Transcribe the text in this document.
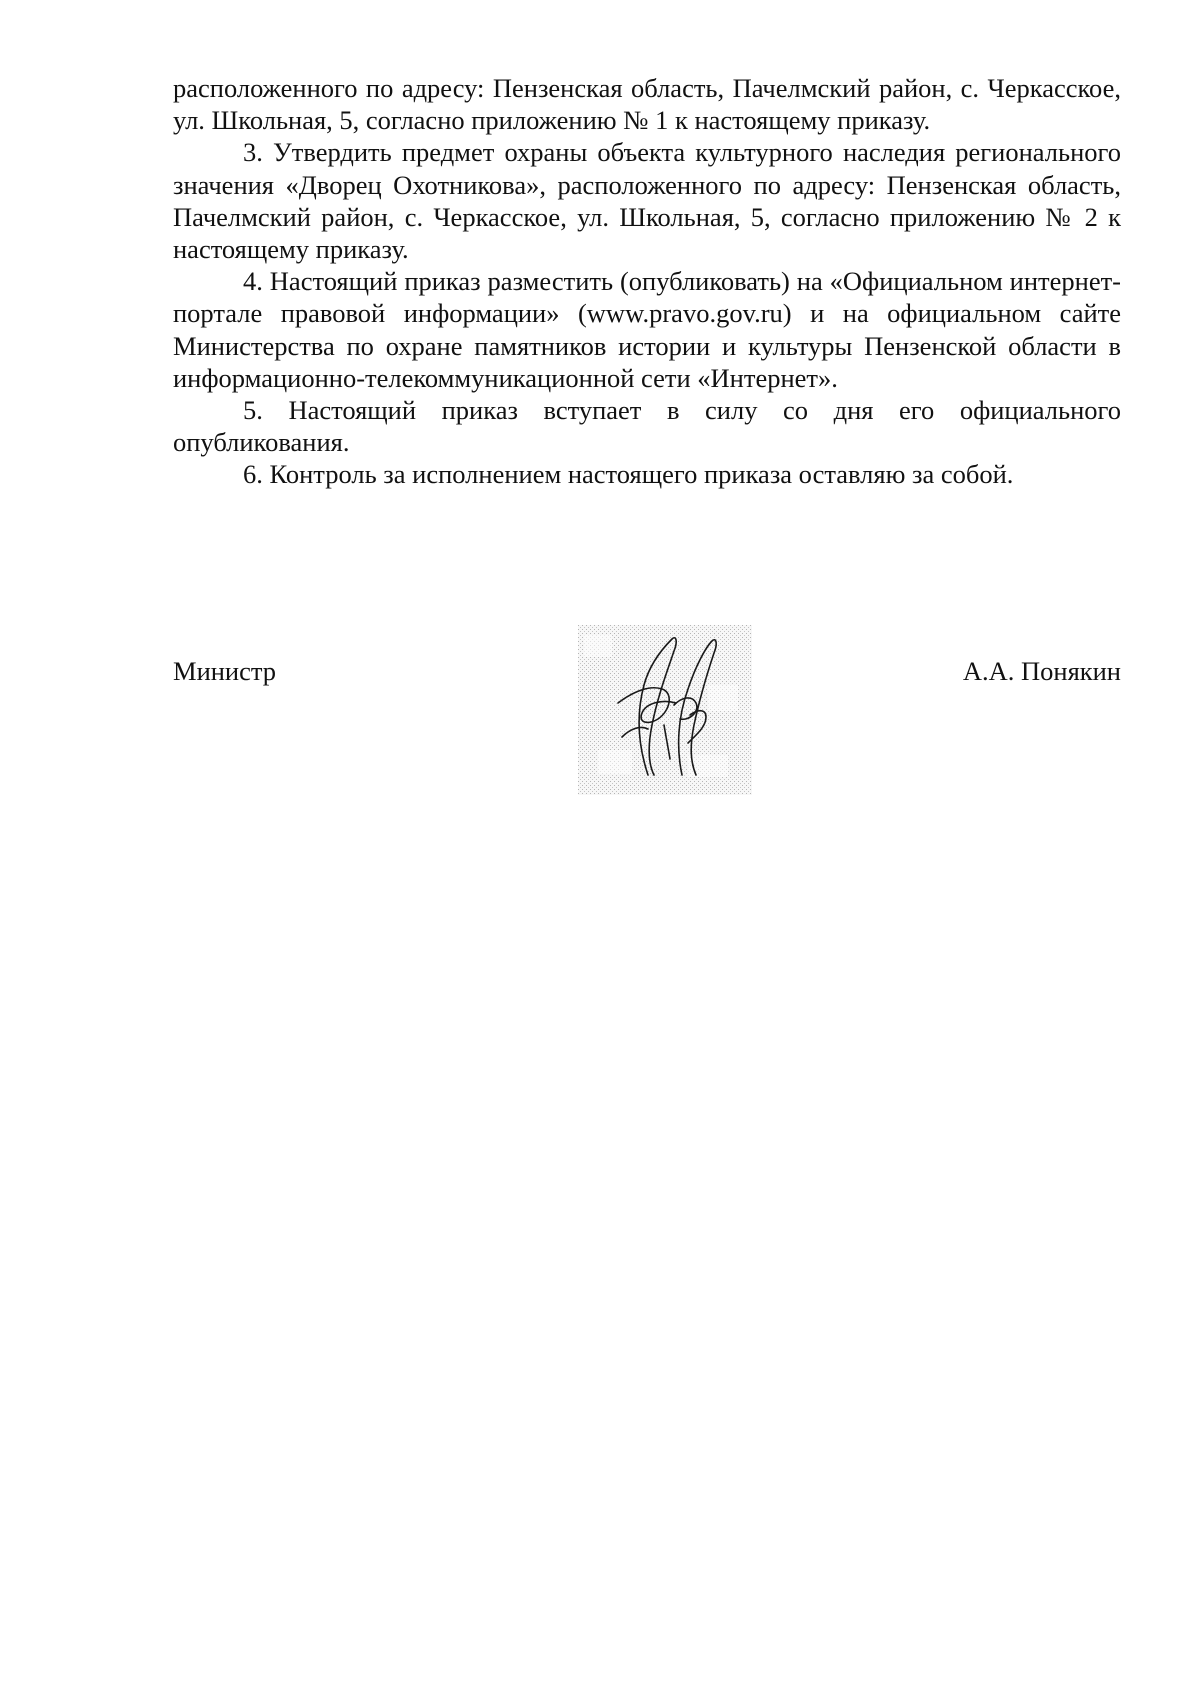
расположенного по адресу: Пензенская область, Пачелмский район, с. Черкасское, ул. Школьная, 5, согласно приложению № 1 к настоящему приказу.

3. Утвердить предмет охраны объекта культурного наследия регионального значения «Дворец Охотникова», расположенного по адресу: Пензенская область, Пачелмский район, с. Черкасское, ул. Школьная, 5, согласно приложению № 2 к настоящему приказу.

4. Настоящий приказ разместить (опубликовать) на «Официальном интернет-портале правовой информации» (www.pravo.gov.ru) и на официальном сайте Министерства по охране памятников истории и культуры Пензенской области в информационно-телекоммуникационной сети «Интернет».

5. Настоящий приказ вступает в силу со дня его официального опубликования.

6. Контроль за исполнением настоящего приказа оставляю за собой.

Министр	А.А. Понякин
